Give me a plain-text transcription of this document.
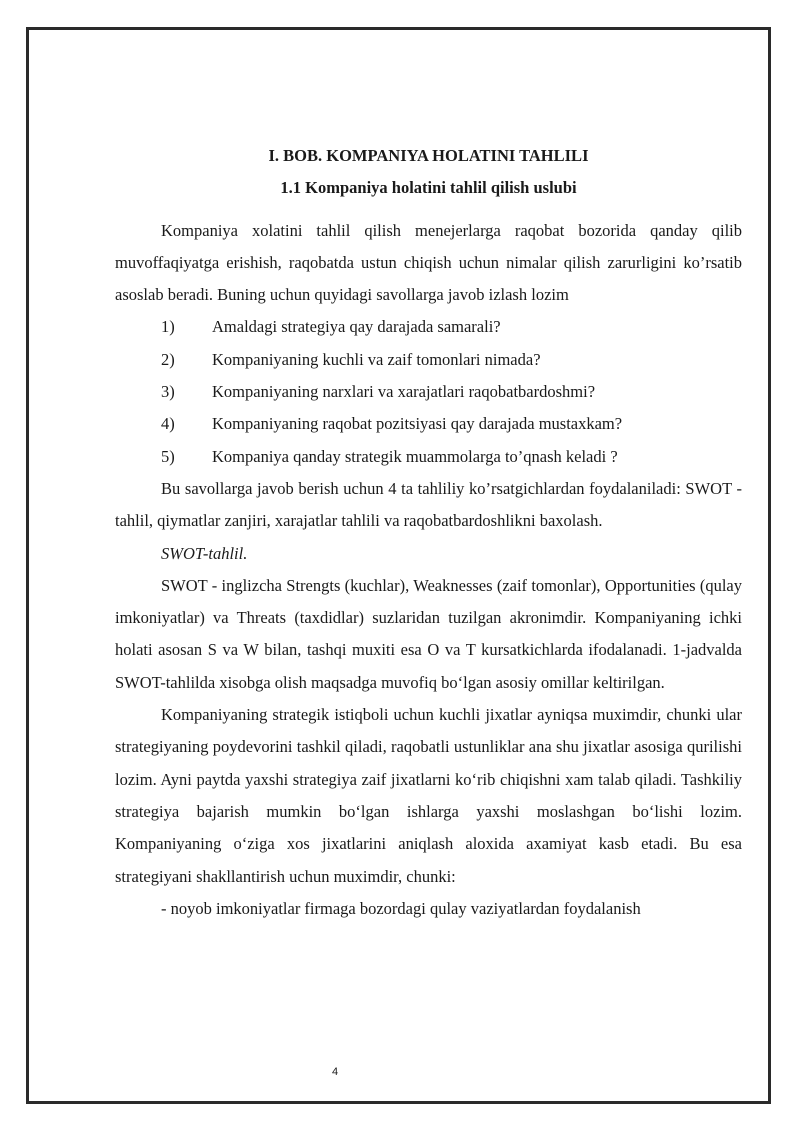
I. BOB. KOMPANIYA HOLATINI TAHLILI

1.1 Kompaniya holatini tahlil qilish uslubi

Kompaniya xolatini tahlil qilish menejerlarga raqobat bozorida qanday qilib muvoffaqiyatga erishish, raqobatda ustun chiqish uchun nimalar qilish zarurligini ko’rsatib asoslab beradi. Buning uchun quyidagi savollarga javob izlash lozim

1)	Amaldagi strategiya qay darajada samarali?
2)	Kompaniyaning kuchli va zaif tomonlari nimada?
3)	Kompaniyaning narxlari va xarajatlari raqobatbardoshmi?
4)	Kompaniyaning raqobat pozitsiyasi qay darajada mustaxkam?
5)	Kompaniya qanday strategik muammolarga to’qnash keladi ?

Bu savollarga javob berish uchun 4 ta tahliliy ko’rsatgichlardan foydalaniladi: SWOT - tahlil, qiymatlar zanjiri, xarajatlar tahlili va raqobatbardoshlikni baxolash.

SWOT-tahlil.

SWOT - inglizcha Strengts (kuchlar), Weaknesses (zaif tomonlar), Opportunities (qulay imkoniyatlar) va Threats (taxdidlar) suzlaridan tuzilgan akronimdir. Kompaniyaning ichki holati asosan S va W bilan, tashqi muxiti esa O va T kursatkichlarda ifodalanadi. 1-jadvalda SWOT-tahlilda xisobga olish maqsadga muvofiq bo‘lgan asosiy omillar keltirilgan.

Kompaniyaning strategik istiqboli uchun kuchli jixatlar ayniqsa muximdir, chunki ular strategiyaning poydevorini tashkil qiladi, raqobatli ustunliklar ana shu jixatlar asosiga qurilishi lozim. Ayni paytda yaxshi strategiya zaif jixatlarni ko‘rib chiqishni xam talab qiladi. Tashkiliy strategiya bajarish mumkin bo‘lgan ishlarga yaxshi moslashgan bo‘lishi lozim. Kompaniyaning o‘ziga xos jixatlarini aniqlash aloxida axamiyat kasb etadi. Bu esa strategiyani shakllantirish uchun muximdir, chunki:

- noyob imkoniyatlar firmaga bozordagi qulay vaziyatlardan foydalanish

4
